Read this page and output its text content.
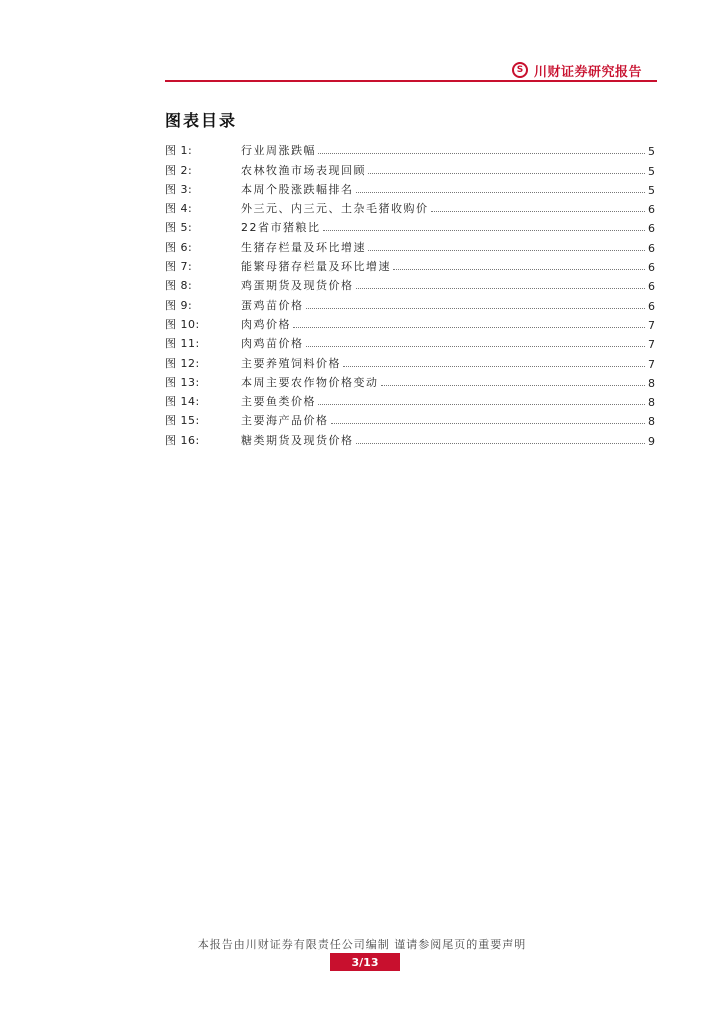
S 川财证券研究报告
图表目录
图 1:	行业周涨跌幅	5
图 2:	农林牧渔市场表现回顾	5
图 3:	本周个股涨跌幅排名	5
图 4:	外三元、内三元、土杂毛猪收购价	6
图 5:	22省市猪粮比	6
图 6:	生猪存栏量及环比增速	6
图 7:	能繁母猪存栏量及环比增速	6
图 8:	鸡蛋期货及现货价格	6
图 9:	蛋鸡苗价格	6
图 10:	肉鸡价格	7
图 11:	肉鸡苗价格	7
图 12:	主要养殖饲料价格	7
图 13:	本周主要农作物价格变动	8
图 14:	主要鱼类价格	8
图 15:	主要海产品价格	8
图 16:	糖类期货及现货价格	9
本报告由川财证券有限责任公司编制 谨请参阅尾页的重要声明
3/13
